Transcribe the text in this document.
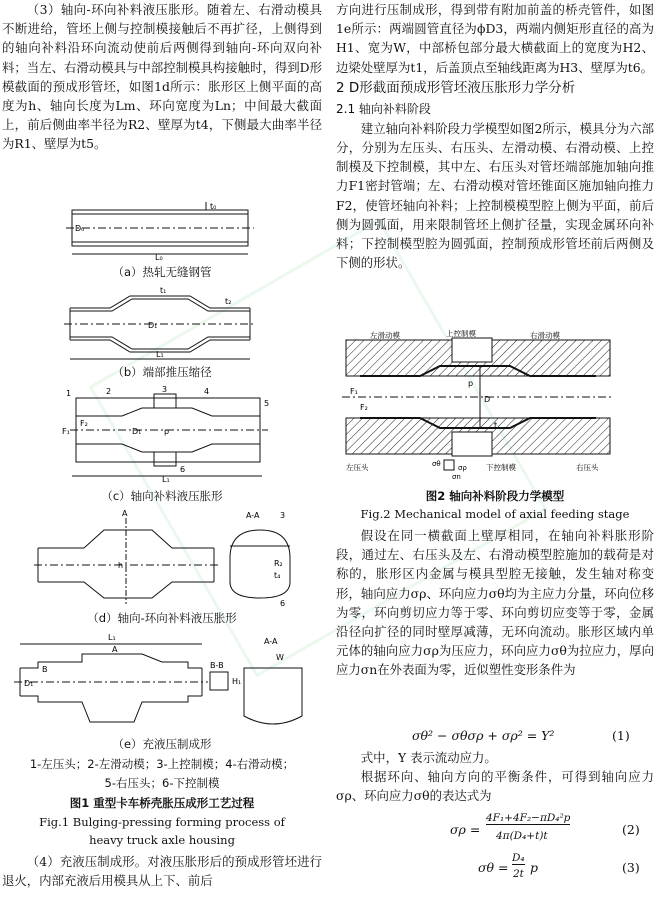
（3）轴向-环向补料液压胀形。随着左、右滑动模具不断进给，管坯上侧与控制模接触后不再扩径，上侧得到的轴向补料沿环向流动使前后两侧得到轴向-环向双向补料；当左、右滑动模具与中部控制模具构接触时，得到D形模截面的预成形管坯，如图1d所示：胀形区上侧平面的高度为h、轴向长度为Lm、环向宽度为Ln；中间最大截面上，前后侧曲率半径为R2、壁厚为t4，下侧最大曲率半径为R1、壁厚为t5。

t₀
D₀
L₀
（a）热轧无缝钢管
t₁
t₂
D₁
L₁
（b）端部推压缩径
1	2	3	4
5
6
F₁
F₂
p
L₁
D₁
（c）轴向补料液压胀形
A	A-A	3
6
R₂
t₄
h
（d）轴向-环向补料液压胀形
L₁
A
A-A
B-B
B
D₁
W
H₁
（e）充液压制成形
1-左压头；2-左滑动模；3-上控制模；4-右滑动模；
5-右压头；6-下控制模
图1 重型卡车桥壳胀压成形工艺过程
Fig.1 Bulging-pressing forming process of
heavy truck axle housing

（4）充液压制成形。对液压胀形后的预成形管坯进行退火，内部充液后用模具从上下、前后

方向进行压制成形，得到带有附加前盖的桥壳管件，如图1e所示：两端圆管直径为ϕD3，两端内侧矩形直径的高为H1、宽为W，中部桥包部分最大横截面上的宽度为H2、边梁处壁厚为t1，后盖顶点至轴线距离为H3、壁厚为t6。

2 D形截面预成形管坯液压胀形力学分析

2.1 轴向补料阶段

建立轴向补料阶段力学模型如图2所示，模具分为六部分，分别为左压头、右压头、左滑动模、右滑动模、上控制模及下控制模，其中左、右压头对管坯端部施加轴向推力F1密封管端；左、右滑动模对管坯锥面区施加轴向推力F2，使管坯轴向补料；上控制模模型腔上侧为平面，前后侧为圆弧面，用来限制管坯上侧扩径量，实现金属环向补料；下控制模型腔为圆弧面，控制预成形管坯前后两侧及下侧的形状。

左滑动模	上控制模	右滑动模
左压头	下控制模	右压头
F₁
F₂
p
D
t
σθ σρ
σn
图2 轴向补料阶段力学模型
Fig.2 Mechanical model of axial feeding stage

假设在同一横截面上壁厚相同，在轴向补料胀形阶段，通过左、右压头及左、右滑动模型腔施加的载荷是对称的，胀形区内金属与模具型腔无接触，发生轴对称变形，轴向应力σρ、环向应力σθ均为主应力分量，环向位移为零，环向剪切应力等于零、环向剪切应变等于零，金属沿径向扩径的同时壁厚减薄，无环向流动。胀形区域内单元体的轴向应力σρ为压应力，环向应力σθ为拉应力，厚向应力σn在外表面为零，近似塑性变形条件为

σθ² − σθσρ + σρ² = Y²	(1)

式中，Y 表示流动应力。

根据环向、轴向方向的平衡条件，可得到轴向应力σρ、环向应力σθ的表达式为

σρ =
4F₁+4F₂−πD₄²p
4π(D₄+t)t	(2)
σθ =
D₄
2t p	(3)
